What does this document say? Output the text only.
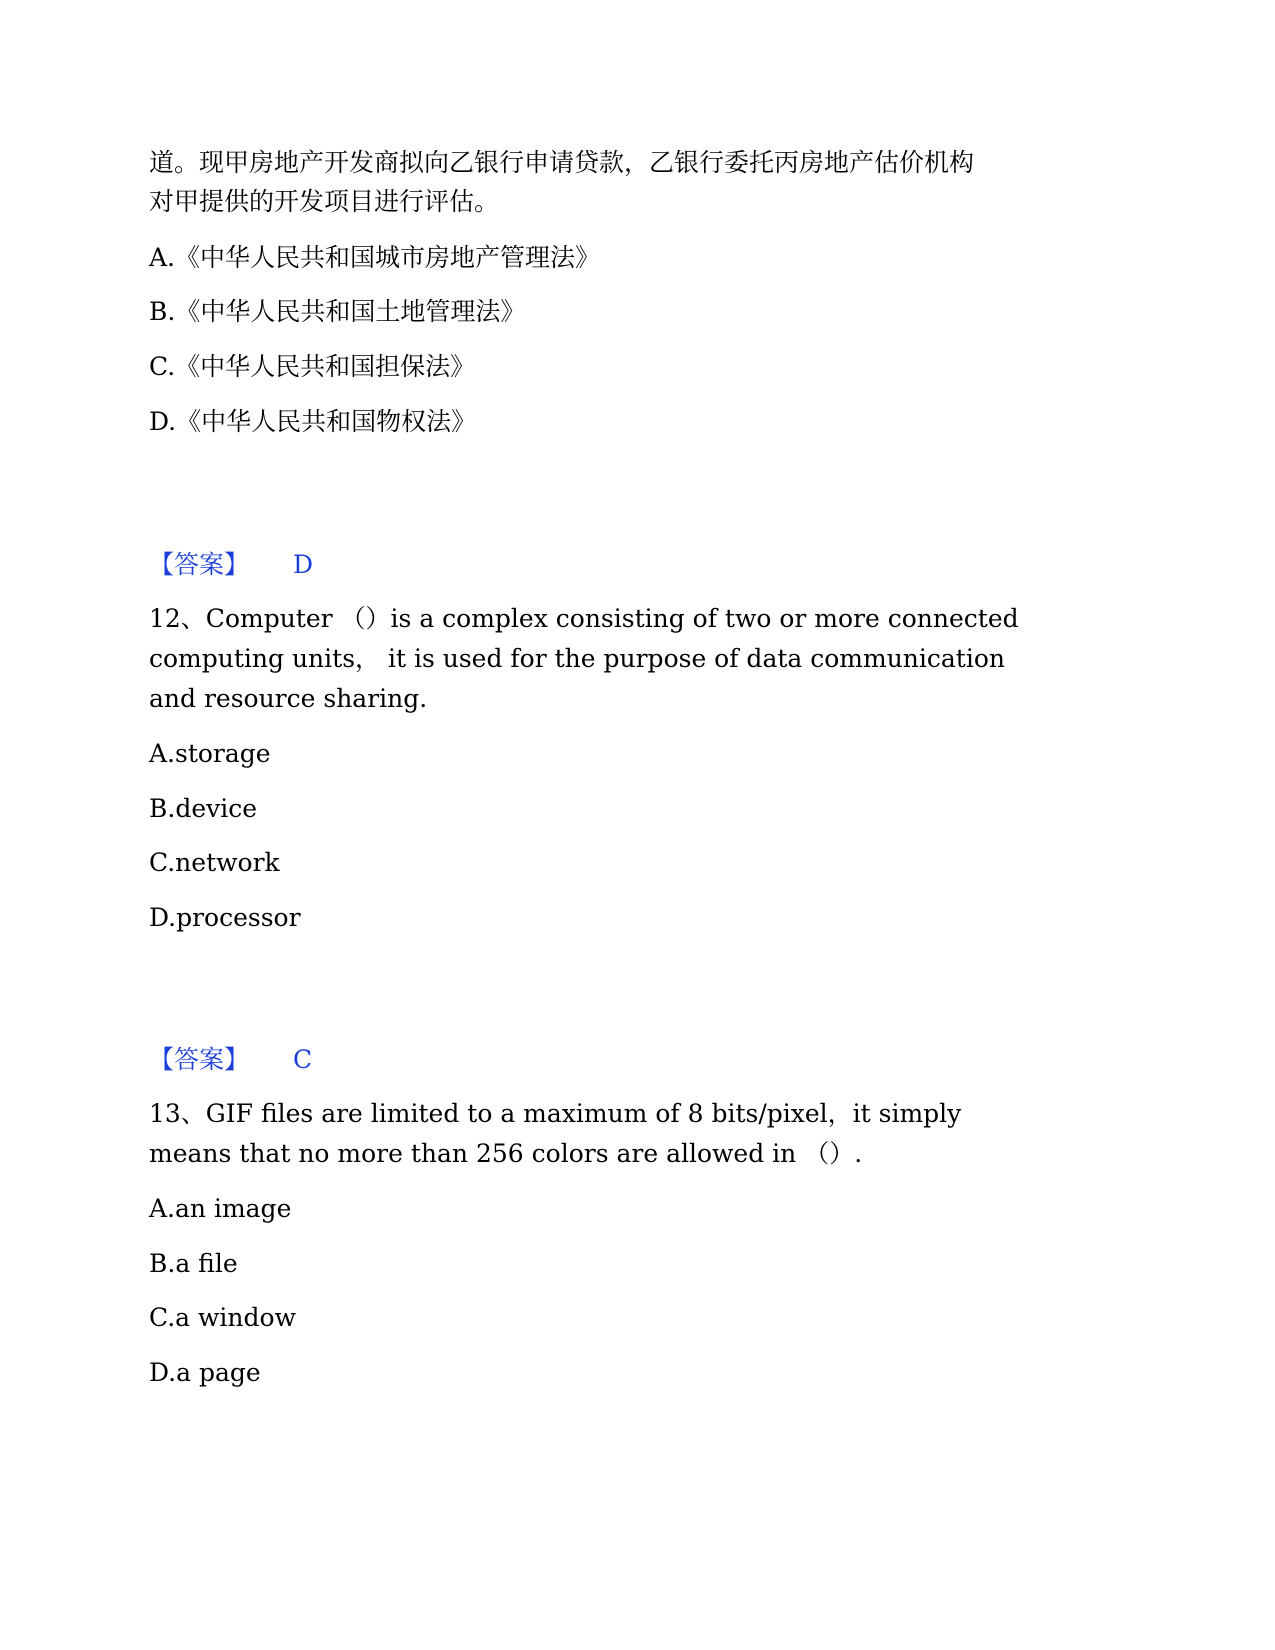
道。现甲房地产开发商拟向乙银行申请贷款，乙银行委托丙房地产估价机构
对甲提供的开发项目进行评估。
A.《中华人民共和国城市房地产管理法》
B.《中华人民共和国土地管理法》
C.《中华人民共和国担保法》
D.《中华人民共和国物权法》
【答案】 D
12、Computer （）is a complex consisting of two or more connected
computing units， it is used for the purpose of data communication
and resource sharing.
A.storage
B.device
C.network
D.processor
【答案】 C
13、GIF files are limited to a maximum of 8 bits/pixel，it simply
means that no more than 256 colors are allowed in （）.
A.an image
B.a file
C.a window
D.a page
